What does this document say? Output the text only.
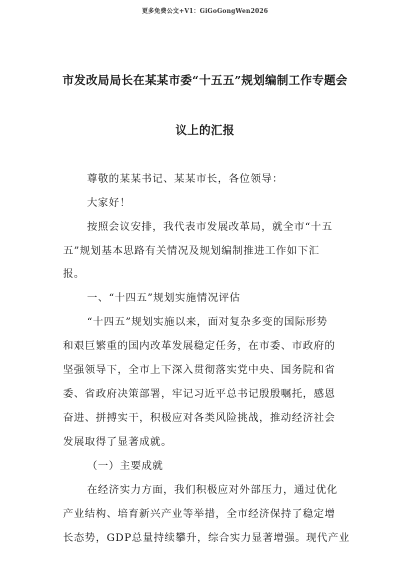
更多免费公文+V1：GiGoGongWen2026
市发改局局长在某某市委“十五五”规划编制工作专题会
议上的汇报
尊敬的某某书记、某某市长，各位领导：
大家好！
按照会议安排，我代表市发展改革局，就全市“十五
五”规划基本思路有关情况及规划编制推进工作如下汇
报。
一、“十四五”规划实施情况评估
“十四五”规划实施以来，面对复杂多变的国际形势
和艰巨繁重的国内改革发展稳定任务，在市委、市政府的
坚强领导下，全市上下深入贯彻落实党中央、国务院和省
委、省政府决策部署，牢记习近平总书记殷殷嘱托，感恩
奋进、拼搏实干，积极应对各类风险挑战，推动经济社会
发展取得了显著成就。
（一）主要成就
在经济实力方面，我们积极应对外部压力，通过优化
产业结构、培育新兴产业等举措，全市经济保持了稳定增
长态势，GDP总量持续攀升，综合实力显著增强。现代产业
